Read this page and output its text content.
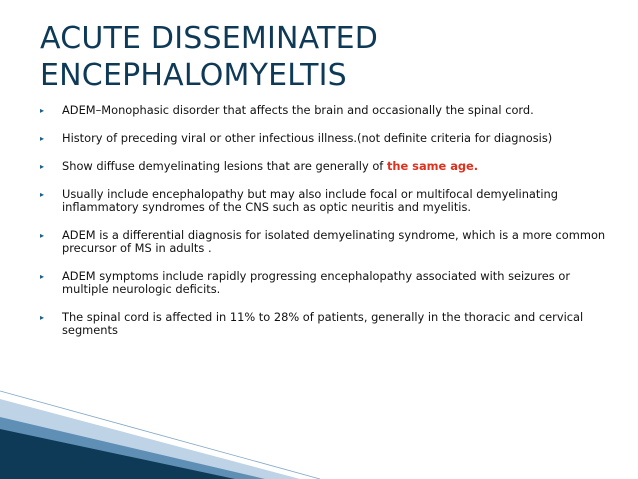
ACUTE DISSEMINATED
ENCEPHALOMYELTIS
▸	ADEM–Monophasic disorder that affects the brain and occasionally the spinal cord.
▸	History of preceding viral or other infectious illness.(not definite criteria for diagnosis)
▸	Show diffuse demyelinating lesions that are generally of the same age.
▸	Usually include encephalopathy but may also include focal or multifocal demyelinating inflammatory syndromes of the CNS such as optic neuritis and myelitis.
▸	ADEM is a differential diagnosis for isolated demyelinating syndrome, which is a more common precursor of MS in adults .
▸	ADEM symptoms include rapidly progressing encephalopathy associated with seizures or multiple neurologic deficits.
▸	The spinal cord is affected in 11% to 28% of patients, generally in the thoracic and cervical segments
